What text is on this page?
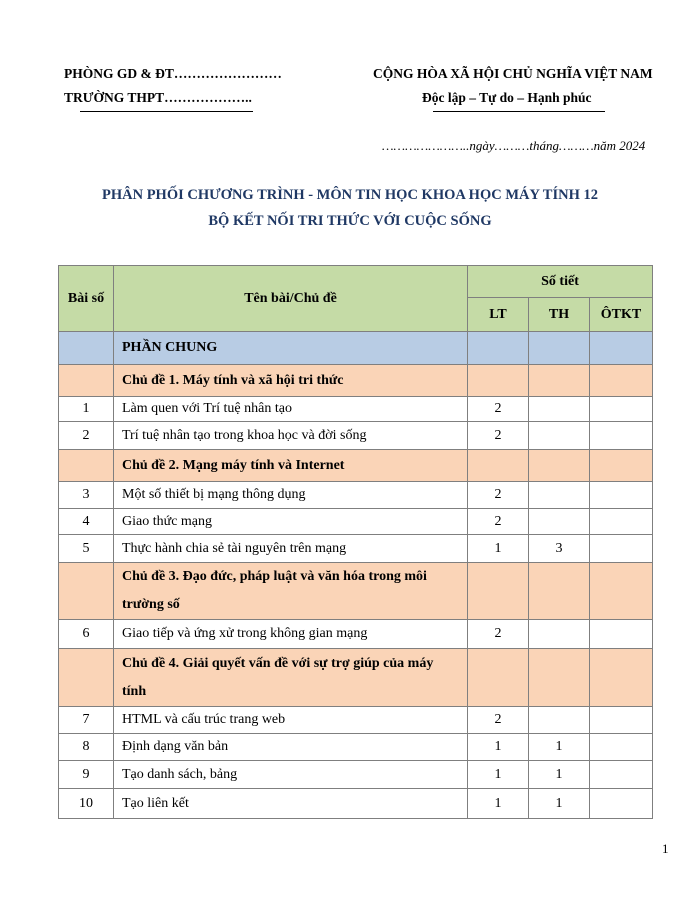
PHÒNG GD & ĐT……………………
TRƯỜNG THPT………………..
CỘNG HÒA XÃ HỘI CHỦ NGHĨA VIỆT NAM
Độc lập – Tự do – Hạnh phúc
…………………..ngày………tháng………năm 2024
PHÂN PHỐI CHƯƠNG TRÌNH - MÔN TIN HỌC KHOA HỌC MÁY TÍNH 12
BỘ KẾT NỐI TRI THỨC VỚI CUỘC SỐNG
Bài số	Tên bài/Chủ đề	Số tiết		
		LT	TH	ÔTKT
	PHẦN CHUNG			
	Chủ đề 1. Máy tính và xã hội tri thức			
1	Làm quen với Trí tuệ nhân tạo	2		
2	Trí tuệ nhân tạo trong khoa học và đời sống	2		
	Chủ đề 2. Mạng máy tính và Internet			
3	Một số thiết bị mạng thông dụng	2		
4	Giao thức mạng	2		
5	Thực hành chia sẻ tài nguyên trên mạng	1	3	
	Chủ đề 3. Đạo đức, pháp luật và văn hóa trong môi trường số			
6	Giao tiếp và ứng xử trong không gian mạng	2		
	Chủ đề 4. Giải quyết vấn đề với sự trợ giúp của máy tính			
7	HTML và cấu trúc trang web	2		
8	Định dạng văn bản	1	1	
9	Tạo danh sách, bảng	1	1	
10	Tạo liên kết	1	1	
1
